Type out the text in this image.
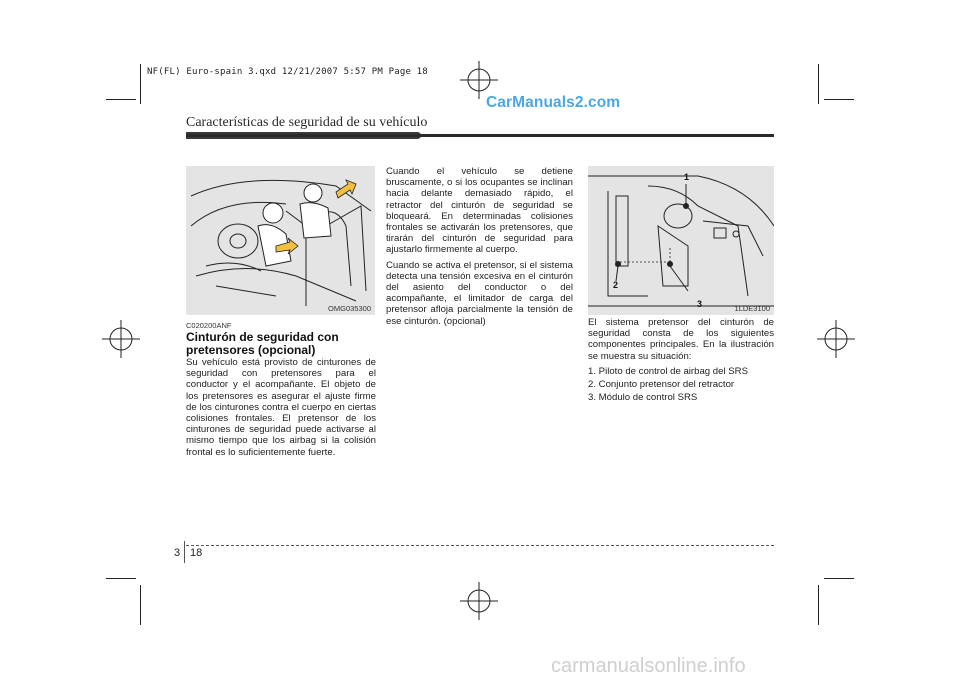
NF(FL) Euro-spain 3.qxd 12/21/2007 5:57 PM Page 18
CarManuals2.com
Características de seguridad de su vehículo
OMG035300
C020200ANF
Cinturón de seguridad con pretensores (opcional)

Su vehículo está provisto de cinturones de seguridad con pretensores para el conductor y el acompañante. El objeto de los pretensores es asegurar el ajuste firme de los cinturones contra el cuerpo en ciertas colisiones frontales. El pretensor de los cinturones de seguridad puede activarse al mismo tiempo que los airbag si la colisión frontal es lo suficientemente fuerte.

Cuando el vehículo se detiene bruscamente, o si los ocupantes se inclinan hacia delante demasiado rápido, el retractor del cinturón de seguridad se bloqueará. En determinadas colisiones frontales se activarán los pretensores, que tirarán del cinturón de seguridad para ajustarlo firmemente al cuerpo.

Cuando se activa el pretensor, si el sistema detecta una tensión excesiva en el cinturón del asiento del conductor o del acompañante, el limitador de carga del pretensor afloja parcialmente la tensión de ese cinturón. (opcional)

1
2
3	1LDE3100

El sistema pretensor del cinturón de seguridad consta de los siguientes componentes principales. En la ilustración se muestra su situación:

1. Piloto de control de airbag del SRS
2. Conjunto pretensor del retractor
3. Módulo de control SRS
3 18
carmanualsonline.info
